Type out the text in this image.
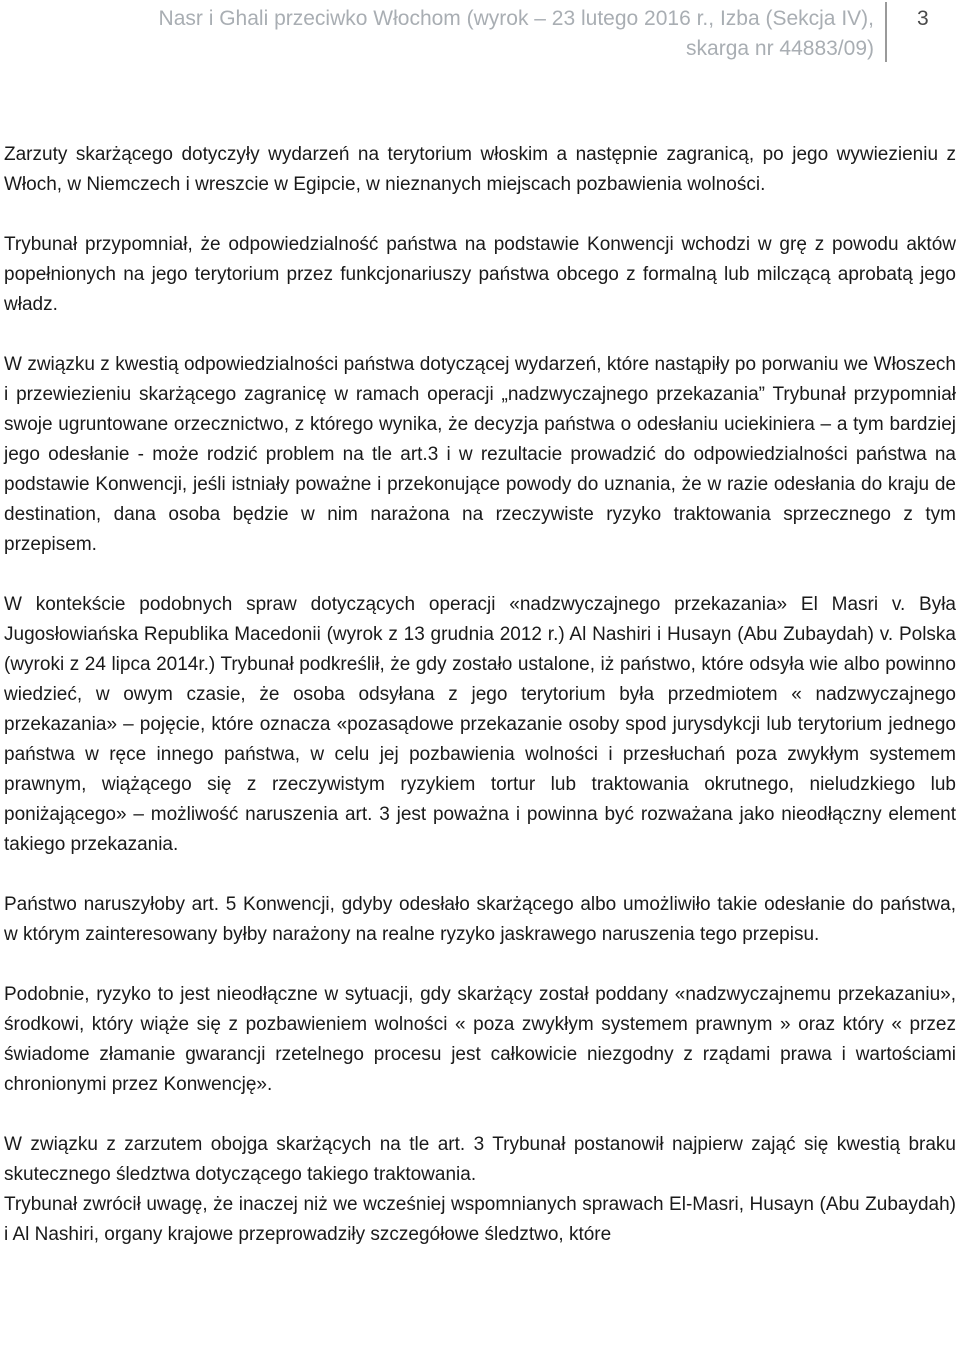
Nasr i Ghali przeciwko Włochom (wyrok – 23 lutego 2016 r., Izba (Sekcja IV),
skarga nr 44883/09)
3

Zarzuty skarżącego dotyczyły wydarzeń na terytorium włoskim a następnie zagranicą, po jego wywiezieniu z Włoch, w Niemczech i wreszcie w Egipcie, w nieznanych miejscach pozbawienia wolności.

Trybunał przypomniał, że odpowiedzialność państwa na podstawie Konwencji wchodzi w grę z powodu aktów popełnionych na jego terytorium przez funkcjonariuszy państwa obcego z formalną lub milczącą aprobatą jego władz.

W związku z kwestią odpowiedzialności państwa dotyczącej wydarzeń, które nastąpiły po porwaniu we Włoszech i przewiezieniu skarżącego zagranicę w ramach operacji „nadzwyczajnego przekazania” Trybunał przypomniał swoje ugruntowane orzecznictwo, z którego wynika, że decyzja państwa o odesłaniu uciekiniera – a tym bardziej jego odesłanie - może rodzić problem na tle art.3 i w rezultacie prowadzić do odpowiedzialności państwa na podstawie Konwencji, jeśli istniały poważne i przekonujące powody do uznania, że w razie odesłania do kraju de destination, dana osoba będzie w nim narażona na rzeczywiste ryzyko traktowania sprzecznego z tym przepisem.

W kontekście podobnych spraw dotyczących operacji «nadzwyczajnego przekazania» El Masri v. Była Jugosłowiańska Republika Macedonii (wyrok z 13 grudnia 2012 r.) Al Nashiri i Husayn (Abu Zubaydah) v. Polska (wyroki z 24 lipca 2014r.) Trybunał podkreślił, że gdy zostało ustalone, iż państwo, które odsyła wie albo powinno wiedzieć, w owym czasie, że osoba odsyłana z jego terytorium była przedmiotem « nadzwyczajnego przekazania» – pojęcie, które oznacza «pozasądowe przekazanie osoby spod jurysdykcji lub terytorium jednego państwa w ręce innego państwa, w celu jej pozbawienia wolności i przesłuchań poza zwykłym systemem prawnym, wiążącego się z rzeczywistym ryzykiem tortur lub traktowania okrutnego, nieludzkiego lub poniżającego» – możliwość naruszenia art. 3 jest poważna i powinna być rozważana jako nieodłączny element takiego przekazania.

Państwo naruszyłoby art. 5 Konwencji, gdyby odesłało skarżącego albo umożliwiło takie odesłanie do państwa, w którym zainteresowany byłby narażony na realne ryzyko jaskrawego naruszenia tego przepisu.

Podobnie, ryzyko to jest nieodłączne w sytuacji, gdy skarżący został poddany «nadzwyczajnemu przekazaniu», środkowi, który wiąże się z pozbawieniem wolności « poza zwykłym systemem prawnym » oraz który « przez świadome złamanie gwarancji rzetelnego procesu jest całkowicie niezgodny z rządami prawa i wartościami chronionymi przez Konwencję».

W związku z zarzutem obojga skarżących na tle art. 3 Trybunał postanowił najpierw zająć się kwestią braku skutecznego śledztwa dotyczącego takiego traktowania.

Trybunał zwrócił uwagę, że inaczej niż we wcześniej wspomnianych sprawach El-Masri, Husayn (Abu Zubaydah) i Al Nashiri, organy krajowe przeprowadziły szczegółowe śledztwo, które
